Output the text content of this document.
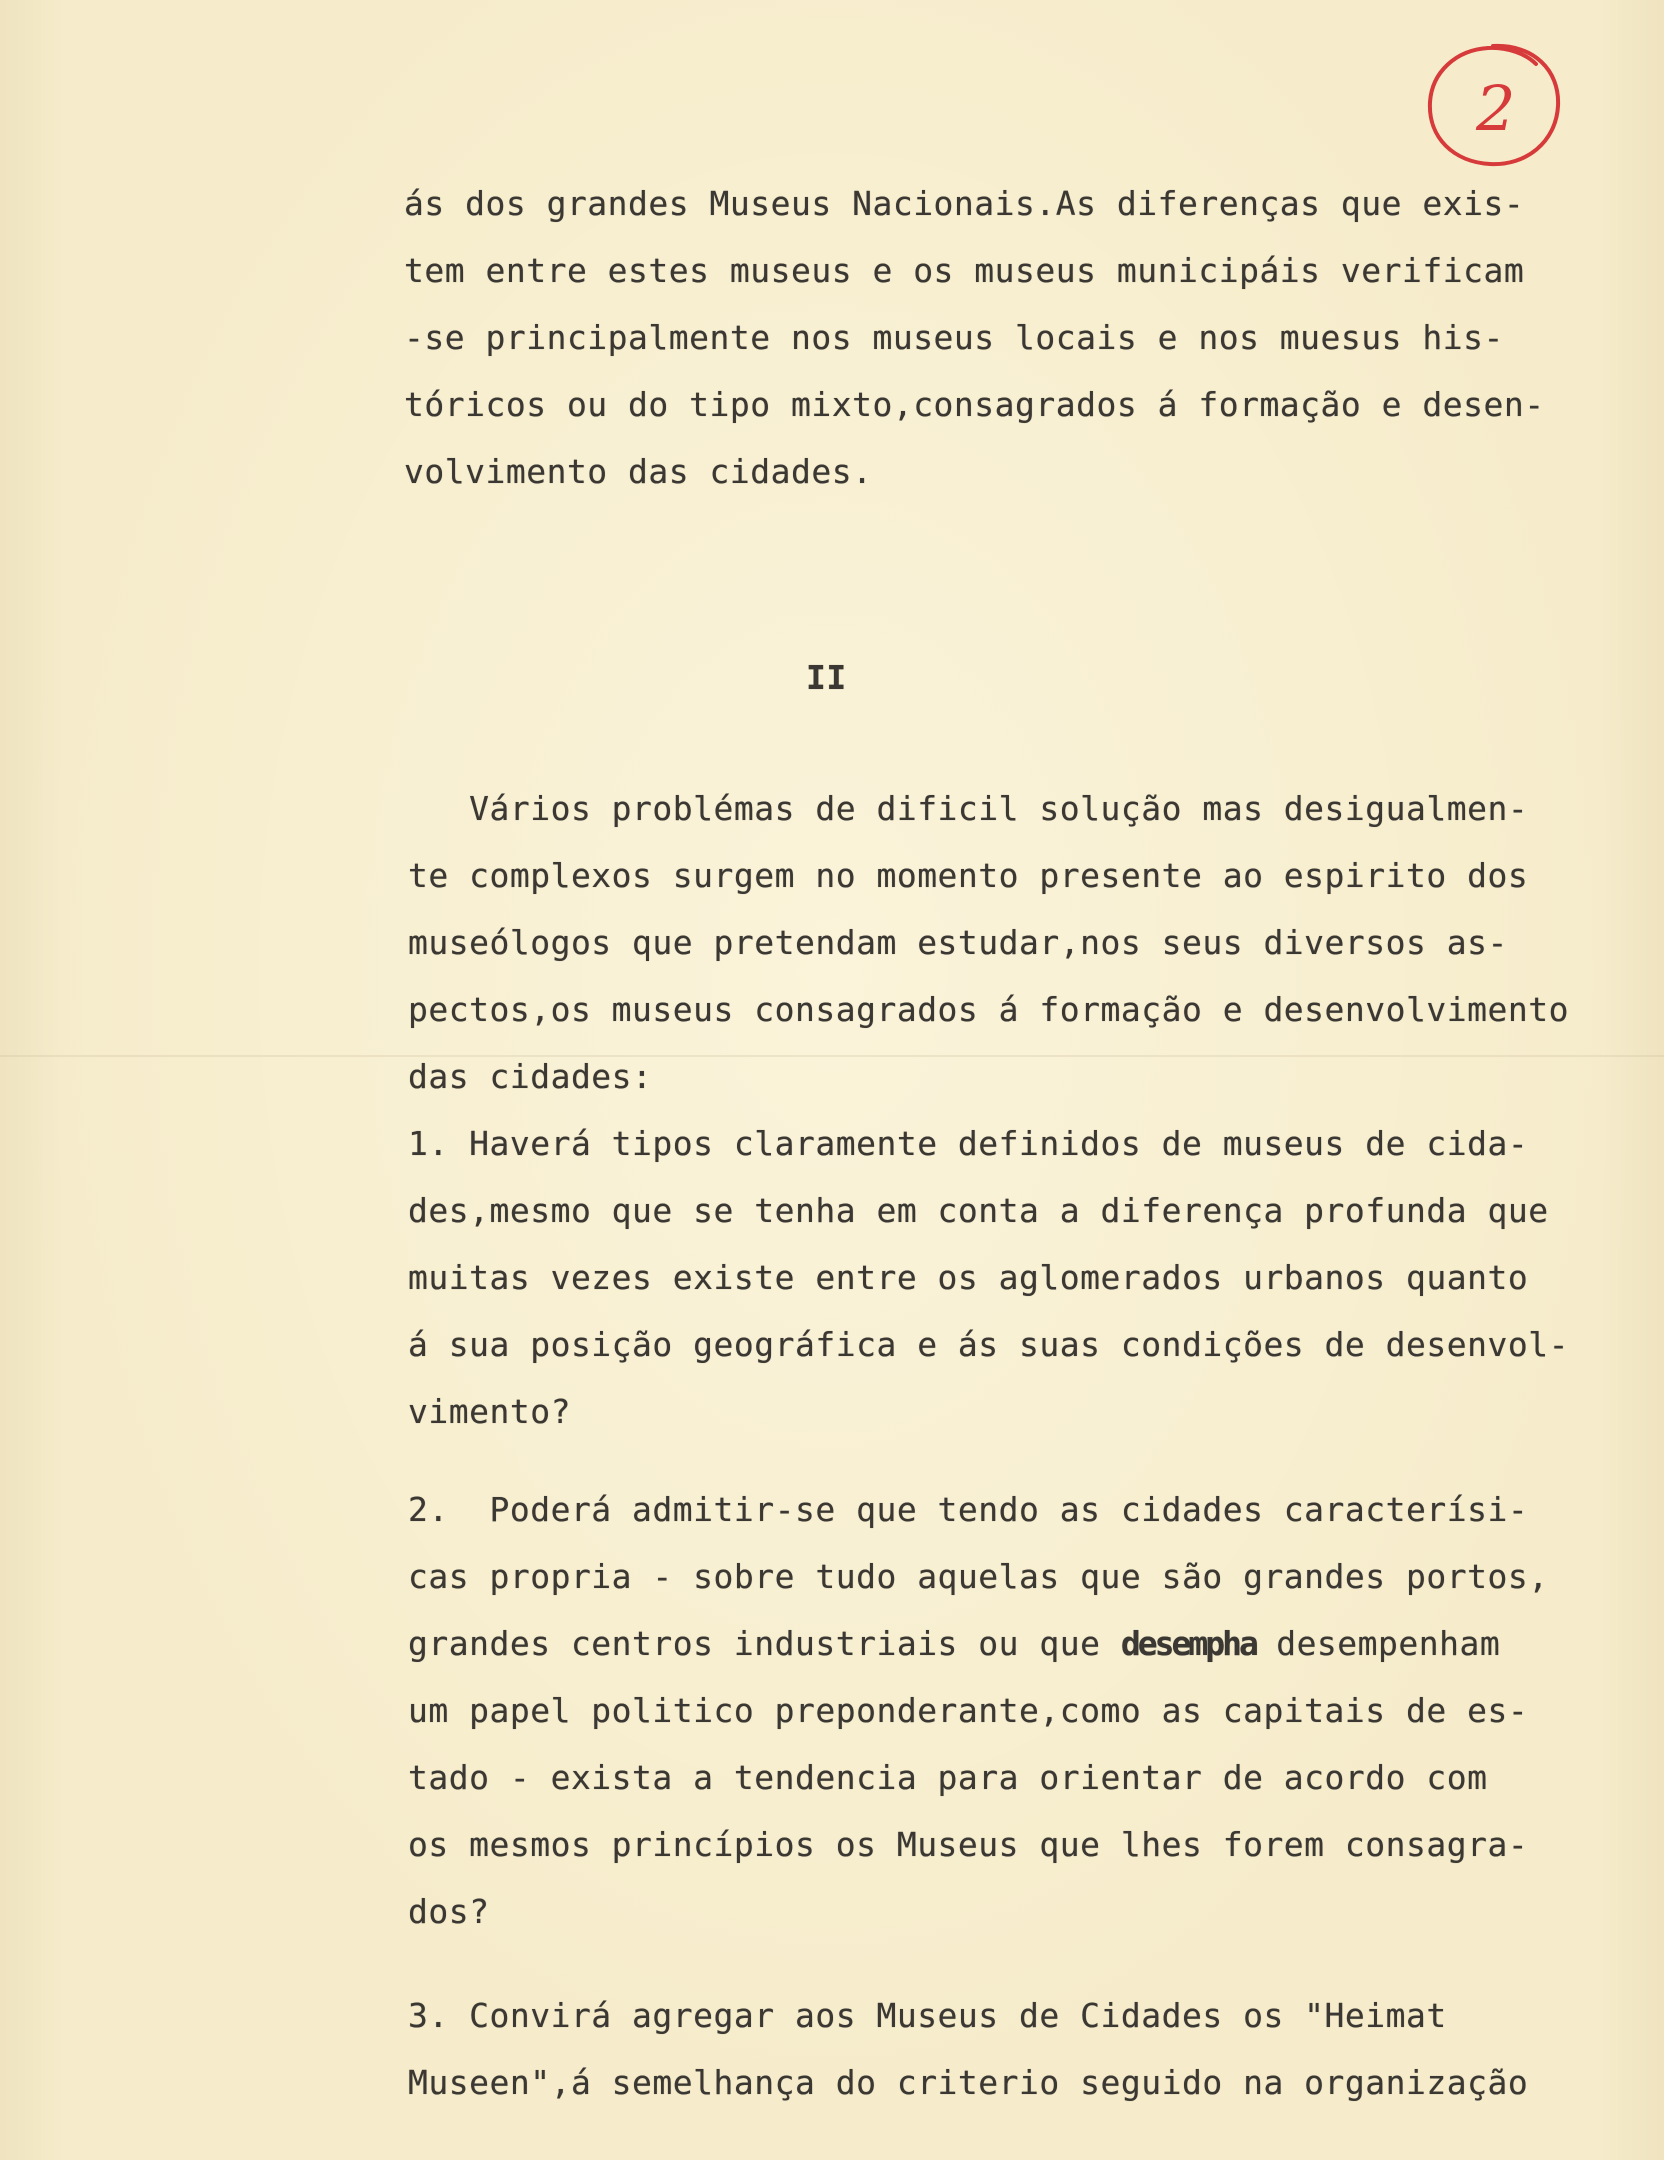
2
ás dos grandes Museus Nacionais.As diferenças que exis-
tem entre estes museus e os museus municipáis verificam
-se principalmente nos museus locais e nos muesus his-
tóricos ou do tipo mixto,consagrados á formação e desen-
volvimento das cidades.
II
Vários problémas de dificil solução mas desigualmen-
te complexos surgem no momento presente ao espirito dos
museólogos que pretendam estudar,nos seus diversos as-
pectos,os museus consagrados á formação e desenvolvimento
das cidades:
1. Haverá tipos claramente definidos de museus de cida-
des,mesmo que se tenha em conta a diferença profunda que
muitas vezes existe entre os aglomerados urbanos quanto
á sua posição geográfica e ás suas condições de desenvol-
vimento?
2.  Poderá admitir-se que tendo as cidades caracterísi-
cas propria - sobre tudo aquelas que são grandes portos,
grandes centros industriais ou que desempha desempenham
um papel politico preponderante,como as capitais de es-
tado - exista a tendencia para orientar de acordo com
os mesmos princípios os Museus que lhes forem consagra-
dos?
3. Convirá agregar aos Museus de Cidades os "Heimat
Museen",á semelhança do criterio seguido na organização
